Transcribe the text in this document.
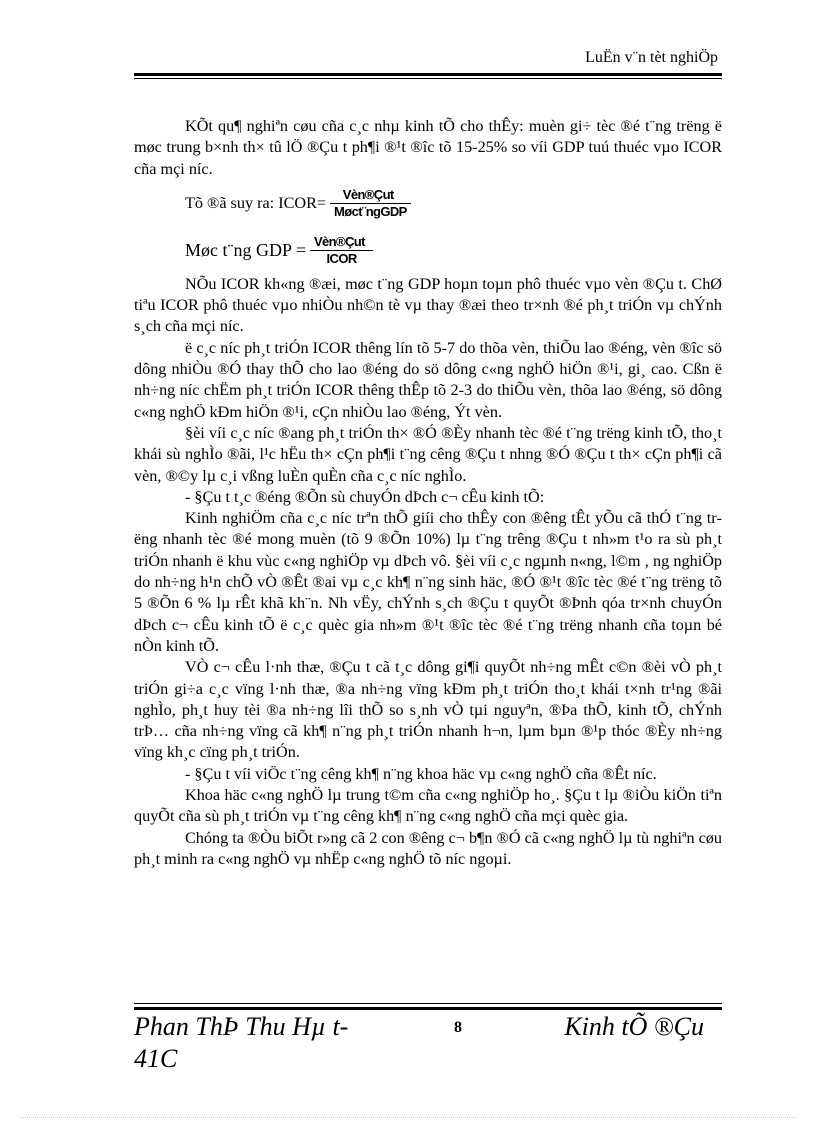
LuËn v¨n tèt nghiÖp

KÕt qu¶ nghiªn cøu cña c¸c nhµ kinh tÕ cho thÊy: muèn gi÷ tèc ®é t¨ng trëng ë møc trung b×nh th× tû lÖ ®Çu t ph¶i ®¹t ®îc tõ 15-25% so víi GDP tuú thuéc vµo ICOR cña mçi níc.

Tõ ®ã suy ra: ICOR= $\frac{\text{Vèn®Çut}}{\text{Møct¨ngGDP}}$
Møc t¨ng GDP = $\frac{\text{Vèn®Çut}}{\text{ICOR}}$

NÕu ICOR kh«ng ®æi, møc t¨ng GDP hoµn toµn phô thuéc vµo vèn ®Çu t. ChØ tiªu ICOR phô thuéc vµo nhiÒu nh©n tè vµ thay ®æi theo tr×nh ®é ph¸t triÓn vµ chÝnh s¸ch cña mçi níc.

ë c¸c níc ph¸t triÓn ICOR thêng lín tõ 5-7 do thõa vèn, thiÕu lao ®éng, vèn ®îc sö dông nhiÒu ®Ó thay thÕ cho lao ®éng do sö dông c«ng nghÖ hiÖn ®¹i, gi¸ cao. Cßn ë nh÷ng níc chËm ph¸t triÓn ICOR thêng thÊp tõ 2-3 do thiÕu vèn, thõa lao ®éng, sö dông c«ng nghÖ kÐm hiÖn ®¹i, cÇn nhiÒu lao ®éng, Ýt vèn.

§èi víi c¸c níc ®ang ph¸t triÓn th× ®Ó ®Èy nhanh tèc ®é t¨ng trëng kinh tÕ, tho¸t khái sù nghÌo ®ãi, l¹c hËu th× cÇn ph¶i t¨ng cêng ®Çu t nhng ®Ó ®Çu t th× cÇn ph¶i cã vèn, ®©y lµ c¸i vßng luÈn quÈn cña c¸c níc nghÌo.

- §Çu t t¸c ®éng ®Õn sù chuyÓn dÞch c¬ cÊu kinh tÕ:

Kinh nghiÖm cña c¸c níc trªn thÕ giíi cho thÊy con ®êng tÊt yÕu cã thÓ t¨ng trëng nhanh tèc ®é mong muèn (tõ 9 ®Õn 10%) lµ t¨ng trêng ®Çu t nh»m t¹o ra sù ph¸t triÓn nhanh ë khu vùc c«ng nghiÖp vµ dÞch vô. §èi víi c¸c ngµnh n«ng, l©m , ng nghiÖp do nh÷ng h¹n chÕ vÒ ®Êt ®ai vµ c¸c kh¶ n¨ng sinh häc, ®Ó ®¹t ®îc tèc ®é t¨ng trëng tõ 5 ®Õn 6 % lµ rÊt khã kh¨n. Nh vËy, chÝnh s¸ch ®Çu t quyÕt ®Þnh qóa tr×nh chuyÓn dÞch c¬ cÊu kinh tÕ ë c¸c quèc gia nh»m ®¹t ®îc tèc ®é t¨ng trëng nhanh cña toµn bé nÒn kinh tÕ.

VÒ c¬ cÊu l·nh thæ, ®Çu t cã t¸c dông gi¶i quyÕt nh÷ng mÊt c©n ®èi vÒ ph¸t triÓn gi÷a c¸c vïng l·nh thæ, ®a nh÷ng vïng kÐm ph¸t triÓn tho¸t khái t×nh tr¹ng ®ãi nghÌo, ph¸t huy tèi ®a nh÷ng lîi thÕ so s¸nh vÒ tµi nguyªn, ®Þa thÕ, kinh tÕ, chÝnh trÞ… cña nh÷ng vïng cã kh¶ n¨ng ph¸t triÓn nhanh h¬n, lµm bµn ®¹p thóc ®Èy nh÷ng vïng kh¸c cïng ph¸t triÓn.

- §Çu t víi viÖc t¨ng cêng kh¶ n¨ng khoa häc vµ c«ng nghÖ cña ®Êt níc.

Khoa häc c«ng nghÖ lµ trung t©m cña c«ng nghiÖp ho¸. §Çu t lµ ®iÒu kiÖn tiªn quyÕt cña sù ph¸t triÓn vµ t¨ng cêng kh¶ n¨ng c«ng nghÖ cña mçi quèc gia.

Chóng ta ®Òu biÕt r»ng cã 2 con ®êng c¬ b¶n ®Ó cã c«ng nghÖ lµ tù nghiªn cøu ph¸t minh ra c«ng nghÖ vµ nhËp c«ng nghÖ tõ níc ngoµi.

Phan ThÞ Thu Hµ t-41C
8	Kinh tÕ ®Çu
